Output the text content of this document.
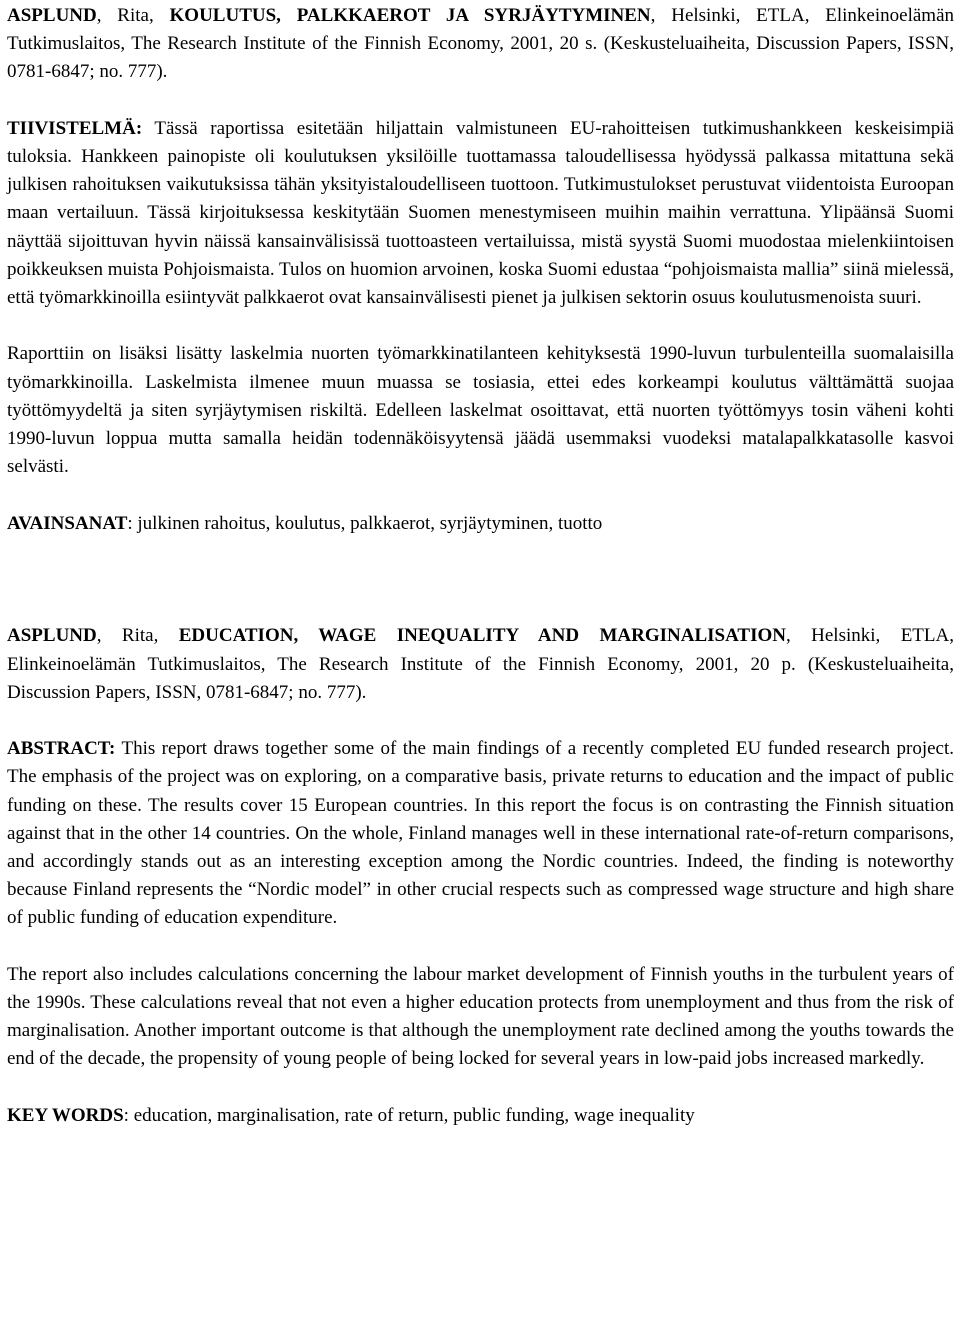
ASPLUND, Rita, KOULUTUS, PALKKAEROT JA SYRJÄYTYMINEN, Helsinki, ETLA, Elinkeinoelämän Tutkimuslaitos, The Research Institute of the Finnish Economy, 2001, 20 s. (Keskusteluaiheita, Discussion Papers, ISSN, 0781-6847; no. 777).

TIIVISTELMÄ: Tässä raportissa esitetään hiljattain valmistuneen EU-rahoitteisen tutkimushankkeen keskeisimpiä tuloksia. Hankkeen painopiste oli koulutuksen yksilöille tuottamassa taloudellisessa hyödyssä palkassa mitattuna sekä julkisen rahoituksen vaikutuksissa tähän yksityistaloudelliseen tuottoon. Tutkimustulokset perustuvat viidentoista Euroopan maan vertailuun. Tässä kirjoituksessa keskitytään Suomen menestymiseen muihin maihin verrattuna. Ylipäänsä Suomi näyttää sijoittuvan hyvin näissä kansainvälisissä tuottoasteen vertailuissa, mistä syystä Suomi muodostaa mielenkiintoisen poikkeuksen muista Pohjoismaista. Tulos on huomion arvoinen, koska Suomi edustaa “pohjoismaista mallia” siinä mielessä, että työmarkkinoilla esiintyvät palkkaerot ovat kansainvälisesti pienet ja julkisen sektorin osuus koulutusmenoista suuri.

Raporttiin on lisäksi lisätty laskelmia nuorten työmarkkinatilanteen kehityksestä 1990-luvun turbulenteilla suomalaisilla työmarkkinoilla. Laskelmista ilmenee muun muassa se tosiasia, ettei edes korkeampi koulutus välttämättä suojaa työttömyydeltä ja siten syrjäytymisen riskiltä. Edelleen laskelmat osoittavat, että nuorten työttömyys tosin väheni kohti 1990-luvun loppua mutta samalla heidän todennäköisyytensä jäädä usemmaksi vuodeksi matalapalkkatasolle kasvoi selvästi.

AVAINSANAT: julkinen rahoitus, koulutus, palkkaerot, syrjäytyminen, tuotto

ASPLUND, Rita, EDUCATION, WAGE INEQUALITY AND MARGINALISATION, Helsinki, ETLA, Elinkeinoelämän Tutkimuslaitos, The Research Institute of the Finnish Economy, 2001, 20 p. (Keskusteluaiheita, Discussion Papers, ISSN, 0781-6847; no. 777).

ABSTRACT: This report draws together some of the main findings of a recently completed EU funded research project. The emphasis of the project was on exploring, on a comparative basis, private returns to education and the impact of public funding on these. The results cover 15 European countries. In this report the focus is on contrasting the Finnish situation against that in the other 14 countries. On the whole, Finland manages well in these international rate-of-return comparisons, and accordingly stands out as an interesting exception among the Nordic countries. Indeed, the finding is noteworthy because Finland represents the “Nordic model” in other crucial respects such as compressed wage structure and high share of public funding of education expenditure.

The report also includes calculations concerning the labour market development of Finnish youths in the turbulent years of the 1990s. These calculations reveal that not even a higher education protects from unemployment and thus from the risk of marginalisation. Another important outcome is that although the unemployment rate declined among the youths towards the end of the decade, the propensity of young people of being locked for several years in low-paid jobs increased markedly.

KEY WORDS: education, marginalisation, rate of return, public funding, wage inequality
